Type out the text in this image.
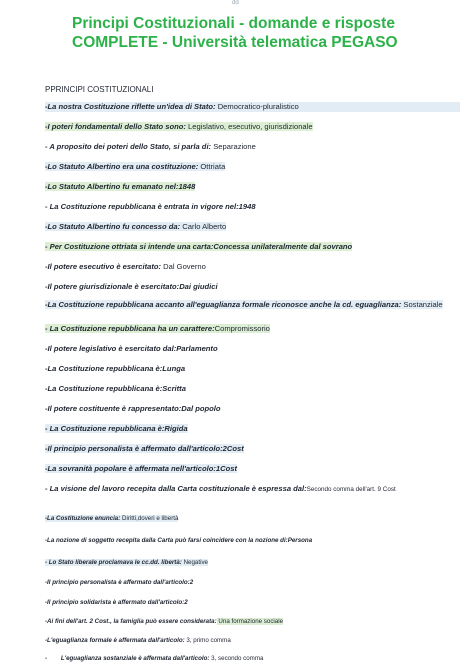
dd
Principi Costituzionali - domande e risposte COMPLETE - Università telematica PEGASO
PPRINCIPI COSTITUZIONALI
-La nostra Costituzione riflette un'idea di Stato: Democratico-pluralistico
-I poteri fondamentali dello Stato sono: Legislativo, esecutivo, giurisdizionale
- A proposito dei poteri dello Stato, si parla di: Separazione
-Lo Statuto Albertino era una costituzione: Ottriata
-Lo Statuto Albertino fu emanato nel:1848
- La Costituzione repubblicana è entrata in vigore nel:1948
-Lo Statuto Albertino fu concesso da: Carlo Alberto
- Per Costituzione ottriata si intende una carta:Concessa unilateralmente dal sovrano
-Il potere esecutivo è esercitato: Dal Governo
-Il potere giurisdizionale è esercitato:Dai giudici
-La Costituzione repubblicana accanto all'eguaglianza formale riconosce anche la cd. eguaglianza: Sostanziale
- La Costituzione repubblicana ha un carattere:Compromissorio
-Il potere legislativo è esercitato dal:Parlamento
-La Costituzione repubblicana è:Lunga
-La Costituzione repubblicana è:Scritta
-Il potere costituente è rappresentato:Dal popolo
- La Costituzione repubblicana è:Rigida
-Il principio personalista è affermato dall'articolo:2Cost
-La sovranità popolare è affermata nell'articolo:1Cost
- La visione del lavoro recepita dalla Carta costituzionale è espressa dal:Secondo comma dell'art. 9 Cost
-La Costituzione enuncia: Diritti,doveri e libertà
-La nozione di soggetto recepita dalla Carta può farsi coincidere con la nozione di:Persona
- Lo Stato liberale proclamava le cc.dd. libertà: Negative
-Il principio personalista è affermato dall'articolo:2
-Il principio solidarista è affermato dall'articolo:2
-Ai fini dell'art. 2 Cost., la famiglia può essere considerata: Una formazione sociale
-L'eguaglianza formale è affermata dall'articolo: 3, primo comma
-        L'eguaglianza sostanziale è affermata dall'articolo: 3, secondo comma
